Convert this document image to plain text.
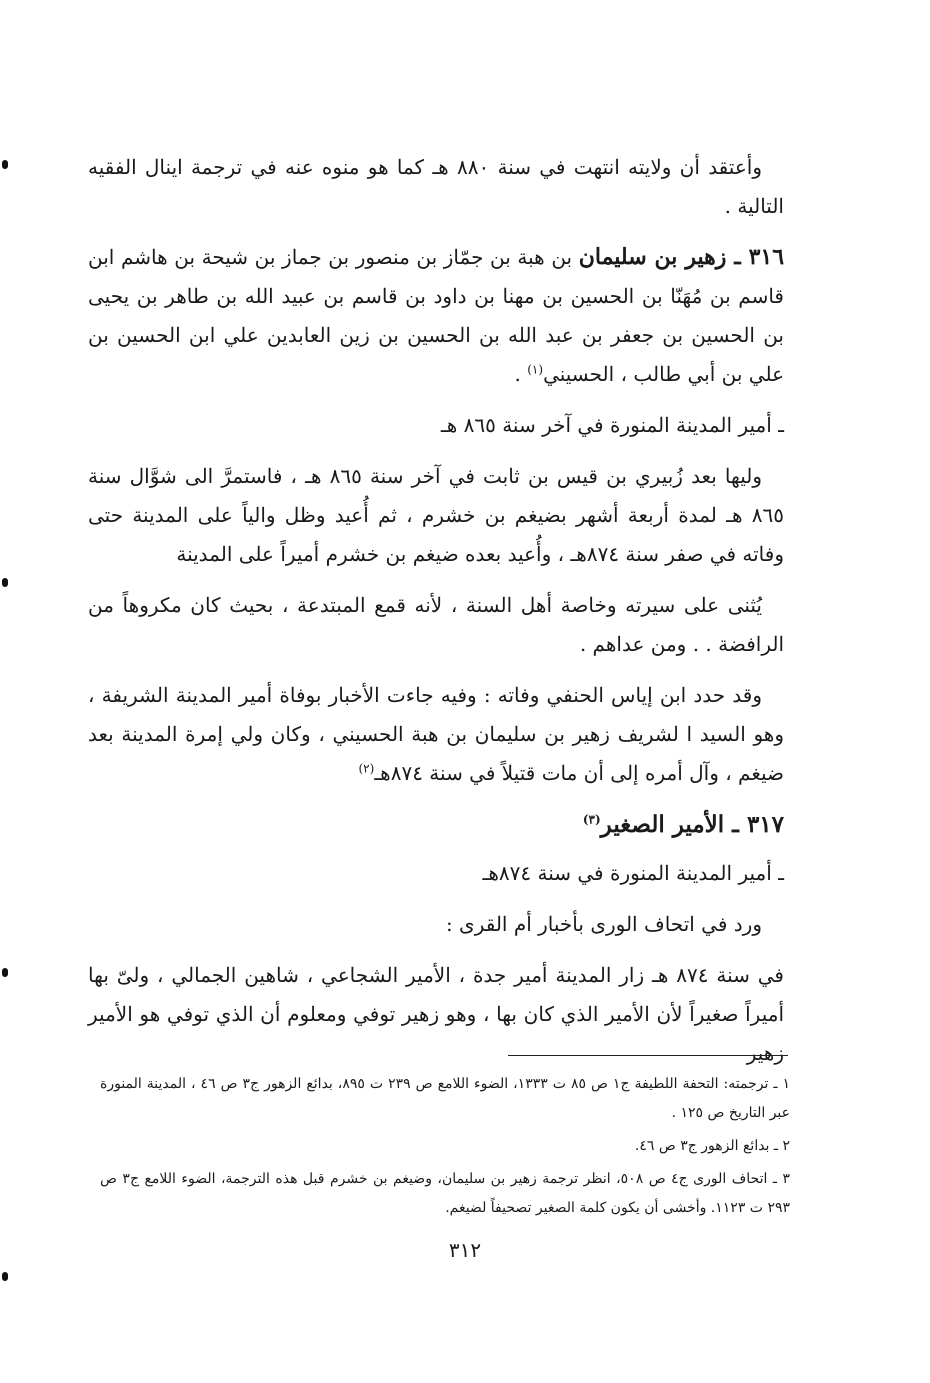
وأعتقد أن ولايته انتهت في سنة ٨٨٠ هـ كما هو منوه عنه في ترجمة اينال الفقيه التالية .

٣١٦ ـ زهير بن سليمان بن هبة بن جمّاز بن منصور بن جماز بن شيحة بن هاشم ابن قاسم بن مُهَنّا بن الحسين بن مهنا بن داود بن قاسم بن عبيد الله بن طاهر بن يحيى بن الحسين بن جعفر بن عبد الله بن الحسين بن زين العابدين علي ابن الحسين بن علي بن أبي طالب ، الحسيني$^{(١)}$ .

ـ أمير المدينة المنورة في آخر سنة ٨٦٥ هـ

وليها بعد زُبيري بن قيس بن ثابت في آخر سنة ٨٦٥ هـ ، فاستمرَّ الى شوَّال سنة ٨٦٥ هـ لمدة أربعة أشهر بضيغم بن خشرم ، ثم أُعيد وظل والياً على المدينة حتى وفاته في صفر سنة ٨٧٤هـ ، وأُعيد بعده ضيغم بن خشرم أميراً على المدينة

يُثنى على سيرته وخاصة أهل السنة ، لأنه قمع المبتدعة ، بحيث كان مكروهاً من الرافضة . . ومن عداهم .

وقد حدد ابن إياس الحنفي وفاته : وفيه جاءت الأخبار بوفاة أمير المدينة الشريفة ، وهو السيد ا لشريف زهير بن سليمان بن هبة الحسيني ، وكان ولي إمرة المدينة بعد ضيغم ، وآل أمره إلى أن مات قتيلاً في سنة ٨٧٤هـ$^{(٢)}$

٣١٧ ـ الأمير الصغير$^{(٣)}$

ـ أمير المدينة المنورة في سنة ٨٧٤هـ

ورد في اتحاف الورى بأخبار أم القرى :

في سنة ٨٧٤ هـ زار المدينة أمير جدة ، الأمير الشجاعي ، شاهين الجمالي ، ولىّ بها أميراً صغيراً لأن الأمير الذي كان بها ، وهو زهير توفي ومعلوم أن الذي توفي هو الأمير زهير

١ ـ ترجمته: التحفة اللطيفة ج١ ص ٨٥ ت ١٣٣٣، الضوء اللامع ص ٢٣٩ ت ٨٩٥، بدائع الزهور ج٣ ص ٤٦ ، المدينة المنورة عبر التاريخ ص ١٢٥ .

٢ ـ بدائع الزهور ج٣ ص ٤٦.

٣ ـ اتحاف الورى ج٤ ص ٥٠٨، انظر ترجمة زهير بن سليمان، وضيغم بن خشرم قبل هذه الترجمة، الضوء اللامع ج٣ ص ٢٩٣ ت ١١٢٣. وأخشى أن يكون كلمة الصغير تصحيفاً لضيغم.

٣١٢
